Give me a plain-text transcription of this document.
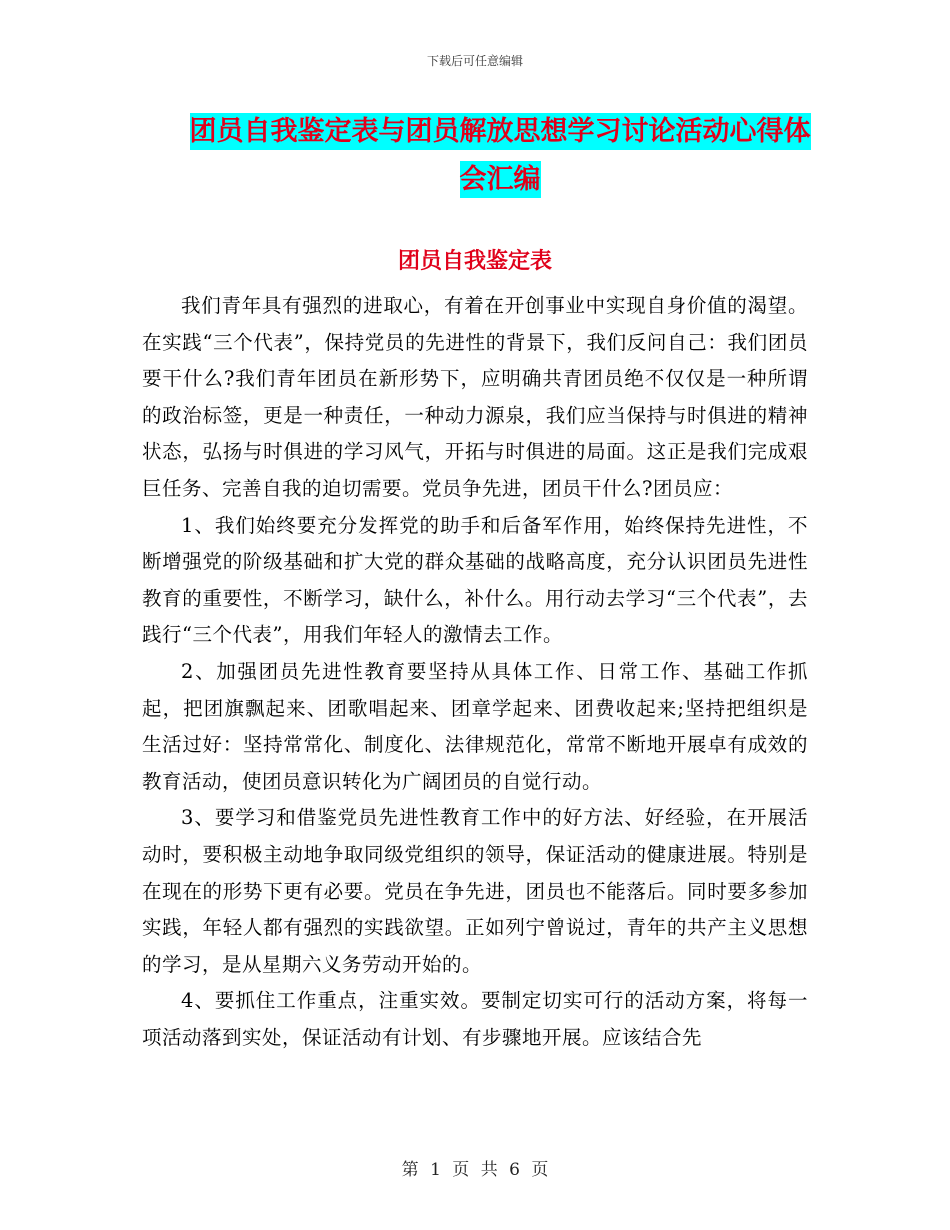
下载后可任意编辑
团员自我鉴定表与团员解放思想学习讨论活动心得体
会汇编
团员自我鉴定表

我们青年具有强烈的进取心，有着在开创事业中实现自身价值的渴望。在实践“三个代表”，保持党员的先进性的背景下，我们反问自己：我们团员要干什么?我们青年团员在新形势下，应明确共青团员绝不仅仅是一种所谓的政治标签，更是一种责任，一种动力源泉，我们应当保持与时俱进的精神状态，弘扬与时俱进的学习风气，开拓与时俱进的局面。这正是我们完成艰巨任务、完善自我的迫切需要。党员争先进，团员干什么?团员应：

1、我们始终要充分发挥党的助手和后备军作用，始终保持先进性，不断增强党的阶级基础和扩大党的群众基础的战略高度，充分认识团员先进性教育的重要性，不断学习，缺什么，补什么。用行动去学习“三个代表”，去践行“三个代表”，用我们年轻人的激情去工作。

2、加强团员先进性教育要坚持从具体工作、日常工作、基础工作抓起，把团旗飘起来、团歌唱起来、团章学起来、团费收起来;坚持把组织是生活过好：坚持常常化、制度化、法律规范化，常常不断地开展卓有成效的教育活动，使团员意识转化为广阔团员的自觉行动。

3、要学习和借鉴党员先进性教育工作中的好方法、好经验，在开展活动时，要积极主动地争取同级党组织的领导，保证活动的健康进展。特别是在现在的形势下更有必要。党员在争先进，团员也不能落后。同时要多参加实践，年轻人都有强烈的实践欲望。正如列宁曾说过，青年的共产主义思想的学习，是从星期六义务劳动开始的。

4、要抓住工作重点，注重实效。要制定切实可行的活动方案，将每一项活动落到实处，保证活动有计划、有步骤地开展。应该结合先

第 1 页 共 6 页
